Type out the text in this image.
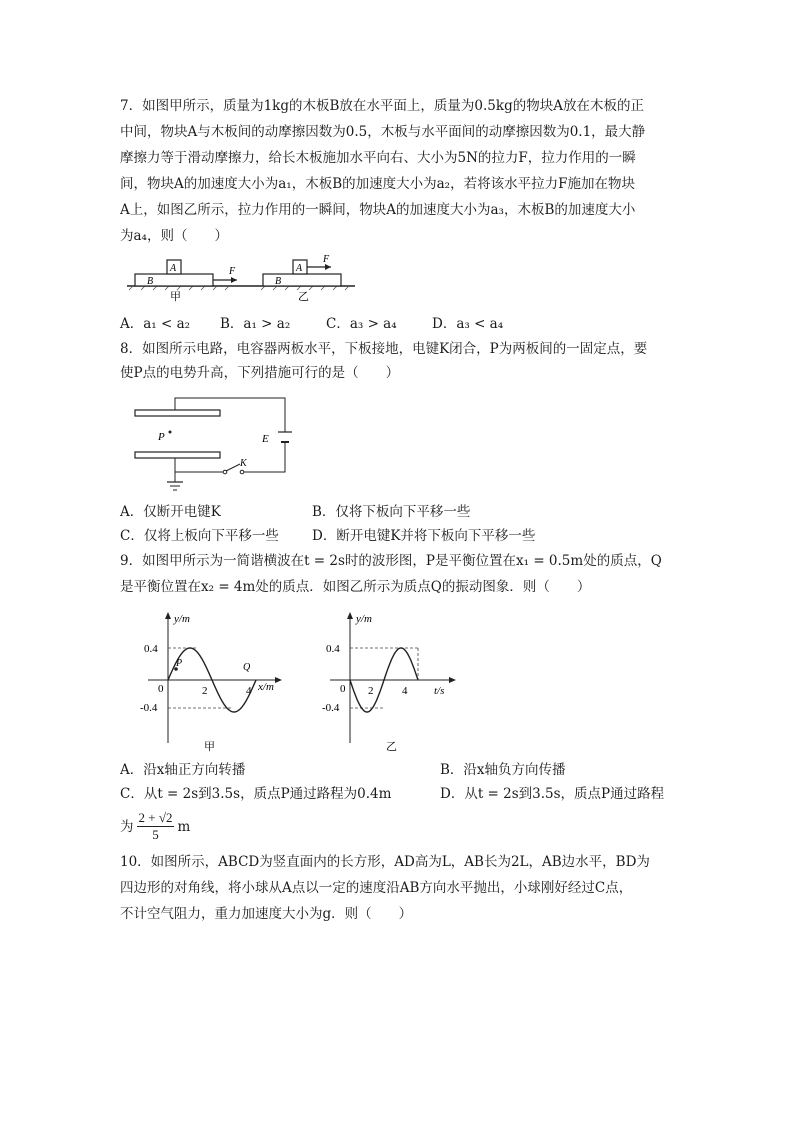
7．如图甲所示，质量为1kg的木板B放在水平面上，质量为0.5kg的物块A放在木板的正
中间，物块A与木板间的动摩擦因数为0.5，木板与水平面间的动摩擦因数为0.1，最大静
摩擦力等于滑动摩擦力，给长木板施加水平向右、大小为5N的拉力F，拉力作用的一瞬
间，物块A的加速度大小为a₁，木板B的加速度大小为a₂，若将该水平拉力F施加在物块
A上，如图乙所示，拉力作用的一瞬间，物块A的加速度大小为a₃，木板B的加速度大小
为a₄，则（　　）
A
B
F
甲
A
B
F
乙
A．a₁ < a₂ B．a₁ > a₂	C．a₃ > a₄	D．a₃ < a₄
8．如图所示电路，电容器两板水平，下板接地，电键K闭合，P为两板间的一固定点，要
使P点的电势升高，下列措施可行的是（　　）
E
K
P
A．仅断开电键K	B．仅将下板向下平移一些
C．仅将上板向下平移一些 D．断开电键K并将下板向下平移一些
9．如图甲所示为一简谐横波在t = 2s时的波形图，P是平衡位置在x₁ = 0.5m处的质点，Q
是平衡位置在x₂ = 4m处的质点．如图乙所示为质点Q的振动图象．则（　　）
y/m
x/m
0.4
-0.4
0	2	4
P	Q
甲
y/m
t/s
0.4
-0.4
0 2	4
乙
A．沿x轴正方向转播	B．沿x轴负方向传播
C．从t = 2s到3.5s，质点P通过路程为0.4m	D．从t = 2s到3.5s，质点P通过路程
为 $\frac{2 + √2}{5}$ m
10．如图所示，ABCD为竖直面内的长方形，AD高为L，AB长为2L，AB边水平，BD为
四边形的对角线，将小球从A点以一定的速度沿AB方向水平抛出，小球刚好经过C点，
不计空气阻力，重力加速度大小为g．则（　　）
